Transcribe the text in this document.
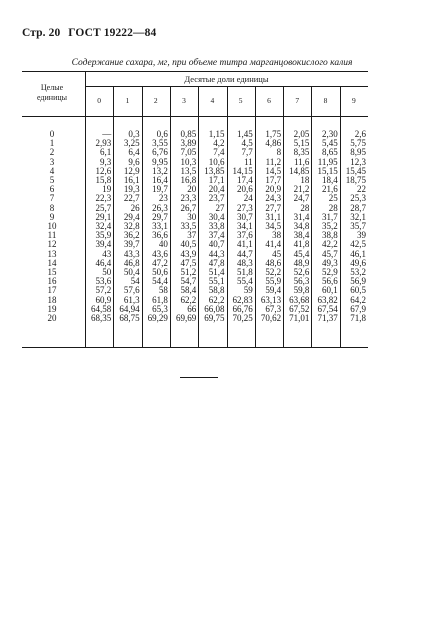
Стр. 20 ГОСТ 19222—84
Содержание сахара, мг, при объеме титра марганцовокислого калия
Целые
единицы
Десятые доли единицы
0	1	2	3	4	5	6	7	8	9
0	—	0,3	0,6	0,85	1,15	1,45	1,75	2,05	2,30	2,6
1	2,93	3,25	3,55	3,89	4,2	4,5	4,86	5,15	5,45	5,75
2	6,1	6,4	6,76	7,05	7,4	7,7	8	8,35	8,65	8,95
3	9,3	9,6	9,95	10,3	10,6	11	11,2	11,6 11,95	12,3
4	12,6	12,9	13,2	13,5 13,85 14,15	14,5 14,85 15,15 15,45
5	15,8	16,1	16,4	16,8	17,1	17,4	17,7	18	18,4 18,75
6	19	19,3	19,7	20	20,4	20,6	20,9	21,2	21,6	22
7	22,3	22,7	23	23,3	23,7	24	24,3	24,7	25	25,3
8	25,7	26	26,3	26,7	27	27,3	27,7	28	28	28,7
9	29,1	29,4	29,7	30	30,4	30,7	31,1	31,4	31,7	32,1
10	32,4	32,8	33,1	33,5	33,8	34,1	34,5	34,8	35,2	35,7
11	35,9	36,2	36,6	37	37,4	37,6	38	38,4	38,8	39
12	39,4	39,7	40	40,5	40,7	41,1	41,4	41,8	42,2	42,5
13	43	43,3	43,6	43,9	44,3	44,7	45	45,4	45,7	46,1
14	46,4	46,8	47,2	47,5	47,8	48,3	48,6	48,9	49,3	49,6
15	50	50,4	50,6	51,2	51,4	51,8	52,2	52,6	52,9	53,2
16	53,6	54	54,4	54,7	55,1	55,4	55,9	56,3	56,6	56,9
17	57,2	57,6	58	58,4	58,8	59	59,4	59,8	60,1	60,5
18	60,9	61,3	61,8	62,2	62,2 62,83 63,13 63,68 63,82	64,2
19	64,58 64,94	65,3	66 66,08 66,76	67,3 67,52 67,54	67,9
20	68,35 68,75 69,29 69,69 69,75 70,25 70,62 71,01 71,37	71,8
